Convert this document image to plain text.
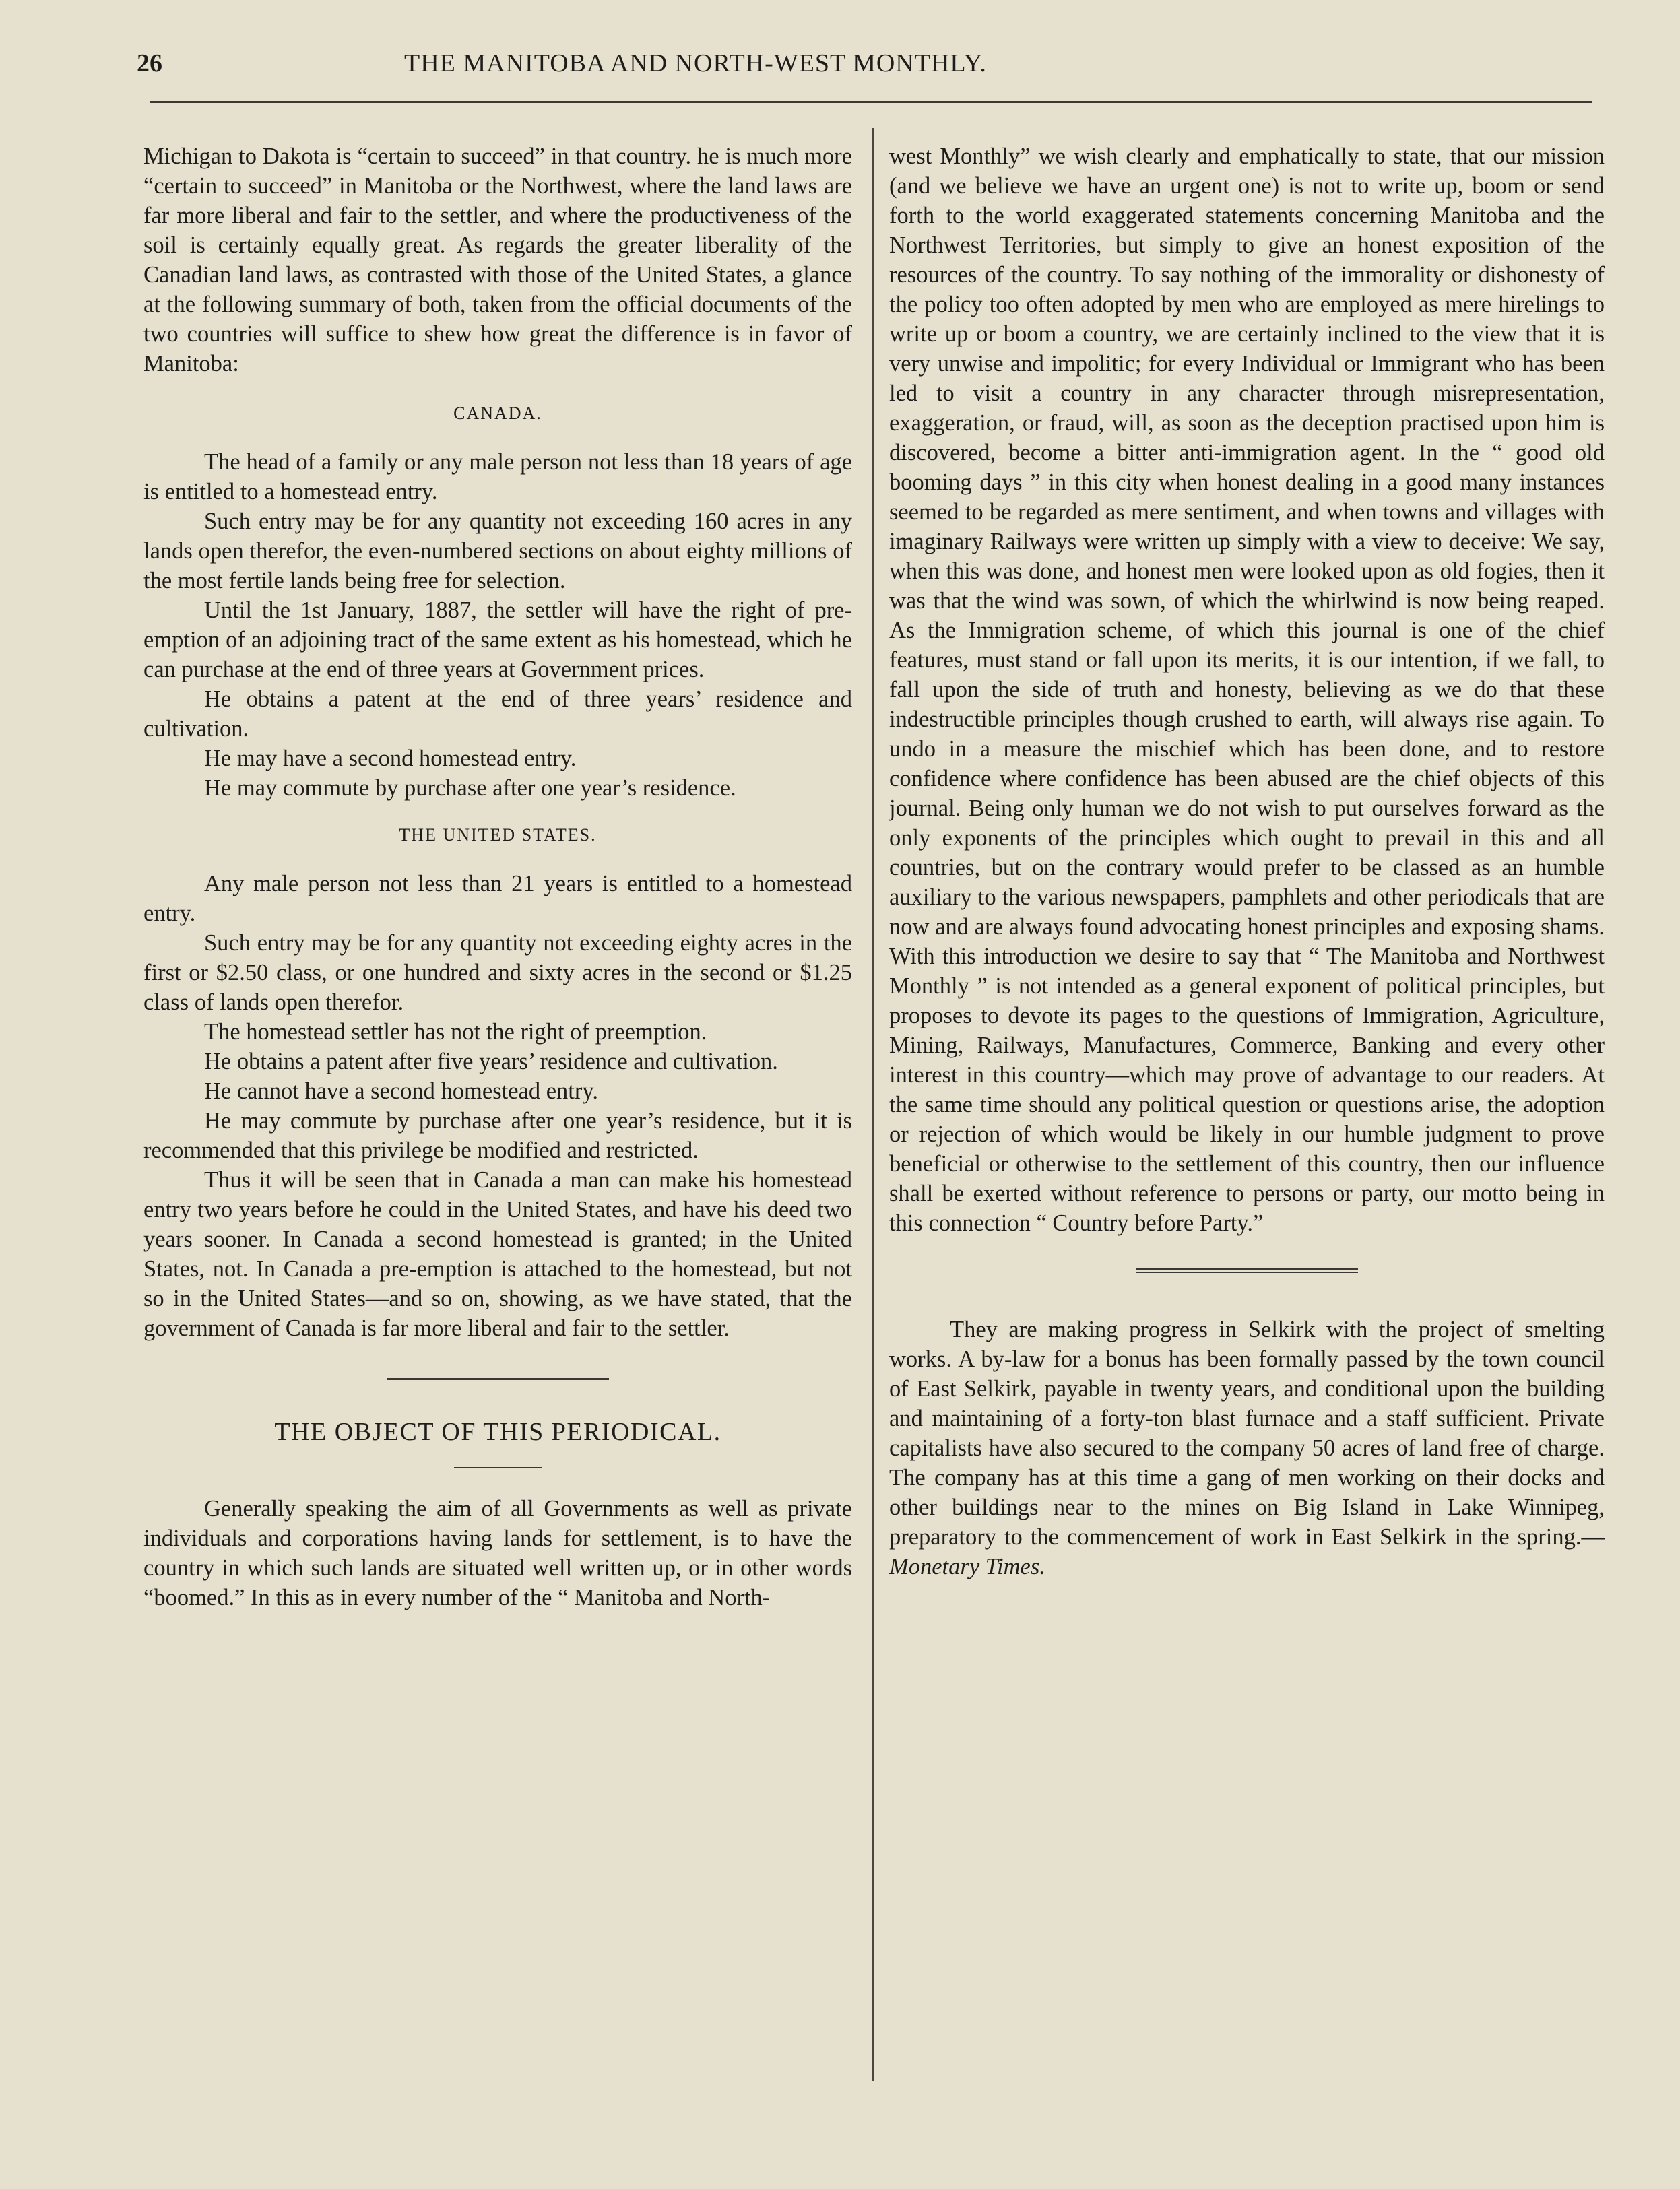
26	THE MANITOBA AND NORTH-WEST MONTHLY.

Michigan to Dakota is “certain to succeed” in that country. he is much more “certain to succeed” in Manitoba or the Northwest, where the land laws are far more liberal and fair to the settler, and where the productiveness of the soil is certainly equally great. As regards the greater liberality of the Canadian land laws, as contrasted with those of the United States, a glance at the following summary of both, taken from the official documents of the two countries will suffice to shew how great the difference is in favor of Manitoba:

CANADA.

The head of a family or any male person not less than 18 years of age is entitled to a homestead entry.

Such entry may be for any quantity not exceeding 160 acres in any lands open therefor, the even-numbered sections on about eighty millions of the most fertile lands being free for selection.

Until the 1st January, 1887, the settler will have the right of pre-emption of an adjoining tract of the same extent as his homestead, which he can purchase at the end of three years at Government prices.

He obtains a patent at the end of three years’ residence and cultivation.

He may have a second homestead entry.

He may commute by purchase after one year’s residence.

THE UNITED STATES.

Any male person not less than 21 years is entitled to a homestead entry.

Such entry may be for any quantity not exceeding eighty acres in the first or $2.50 class, or one hundred and sixty acres in the second or $1.25 class of lands open therefor.

The homestead settler has not the right of preemption.

He obtains a patent after five years’ residence and cultivation.

He cannot have a second homestead entry.

He may commute by purchase after one year’s residence, but it is recommended that this privilege be modified and restricted.

Thus it will be seen that in Canada a man can make his homestead entry two years before he could in the United States, and have his deed two years sooner. In Canada a second homestead is granted; in the United States, not. In Canada a pre-emption is attached to the homestead, but not so in the United States—and so on, showing, as we have stated, that the government of Canada is far more liberal and fair to the settler.

THE OBJECT OF THIS PERIODICAL.

Generally speaking the aim of all Governments as well as private individuals and corporations having lands for settlement, is to have the country in which such lands are situated well written up, or in other words “boomed.” In this as in every number of the “ Manitoba and North-

west Monthly” we wish clearly and emphatically to state, that our mission (and we believe we have an urgent one) is not to write up, boom or send forth to the world exaggerated statements concerning Manitoba and the Northwest Territories, but simply to give an honest exposition of the resources of the country. To say nothing of the immorality or dishonesty of the policy too often adopted by men who are employed as mere hirelings to write up or boom a country, we are certainly inclined to the view that it is very unwise and impolitic; for every Individual or Immigrant who has been led to visit a country in any character through misrepresentation, exaggeration, or fraud, will, as soon as the deception practised upon him is discovered, become a bitter anti-immigration agent. In the “ good old booming days ” in this city when honest dealing in a good many instances seemed to be regarded as mere sentiment, and when towns and villages with imaginary Railways were written up simply with a view to deceive: We say, when this was done, and honest men were looked upon as old fogies, then it was that the wind was sown, of which the whirlwind is now being reaped. As the Immigration scheme, of which this journal is one of the chief features, must stand or fall upon its merits, it is our intention, if we fall, to fall upon the side of truth and honesty, believing as we do that these indestructible principles though crushed to earth, will always rise again. To undo in a measure the mischief which has been done, and to restore confidence where confidence has been abused are the chief objects of this journal. Being only human we do not wish to put ourselves forward as the only exponents of the principles which ought to prevail in this and all countries, but on the contrary would prefer to be classed as an humble auxiliary to the various newspapers, pamphlets and other periodicals that are now and are always found advocating honest principles and exposing shams. With this introduction we desire to say that “ The Manitoba and Northwest Monthly ” is not intended as a general exponent of political principles, but proposes to devote its pages to the questions of Immigration, Agriculture, Mining, Railways, Manufactures, Commerce, Banking and every other interest in this country—which may prove of advantage to our readers. At the same time should any political question or questions arise, the adoption or rejection of which would be likely in our humble judgment to prove beneficial or otherwise to the settlement of this country, then our influence shall be exerted without reference to persons or party, our motto being in this connection “ Country before Party.”

They are making progress in Selkirk with the project of smelting works. A by-law for a bonus has been formally passed by the town council of East Selkirk, payable in twenty years, and conditional upon the building and maintaining of a forty-ton blast furnace and a staff sufficient. Private capitalists have also secured to the company 50 acres of land free of charge. The company has at this time a gang of men working on their docks and other buildings near to the mines on Big Island in Lake Winnipeg, preparatory to the commencement of work in East Selkirk in the spring.— Monetary Times.
